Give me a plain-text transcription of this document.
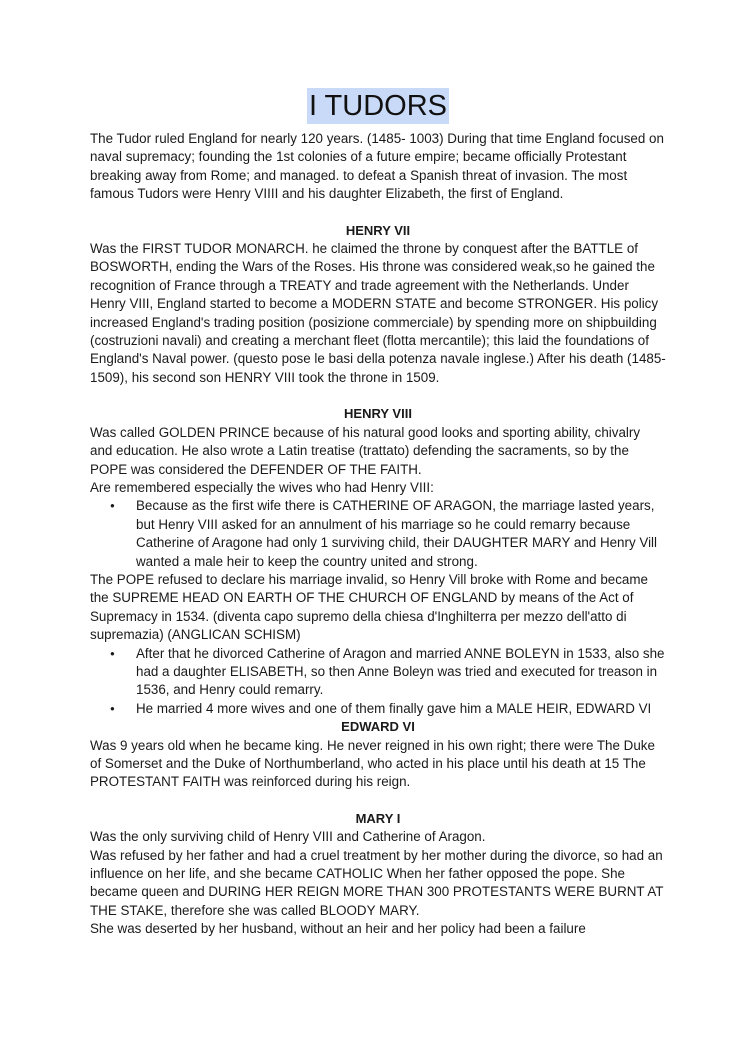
I TUDORS

The Tudor ruled England for nearly 120 years. (1485- 1003) During that time England focused on naval supremacy; founding the 1st colonies of a future empire; became officially Protestant breaking away from Rome; and managed. to defeat a Spanish threat of invasion. The most famous Tudors were Henry VIIII and his daughter Elizabeth, the first of England.

HENRY VII

Was the FIRST TUDOR MONARCH. he claimed the throne by conquest after the BATTLE of BOSWORTH, ending the Wars of the Roses. His throne was considered weak,so he gained the recognition of France through a TREATY and trade agreement with the Netherlands. Under Henry VIII, England started to become a MODERN STATE and become STRONGER. His policy increased England's trading position (posizione commerciale) by spending more on shipbuilding (costruzioni navali) and creating a merchant fleet (flotta mercantile); this laid the foundations of England's Naval power. (questo pose le basi della potenza navale inglese.) After his death (1485-1509), his second son HENRY VIII took the throne in 1509.

HENRY VIII

Was called GOLDEN PRINCE because of his natural good looks and sporting ability, chivalry and education. He also wrote a Latin treatise (trattato) defending the sacraments, so by the POPE was considered the DEFENDER OF THE FAITH.

Are remembered especially the wives who had Henry VIII:

● Because as the first wife there is CATHERINE OF ARAGON, the marriage lasted years, but Henry VIII asked for an annulment of his marriage so he could remarry because Catherine of Aragone had only 1 surviving child, their DAUGHTER MARY and Henry Vill wanted a male heir to keep the country united and strong.

The POPE refused to declare his marriage invalid, so Henry Vill broke with Rome and became the SUPREME HEAD ON EARTH OF THE CHURCH OF ENGLAND by means of the Act of Supremacy in 1534. (diventa capo supremo della chiesa d'Inghilterra per mezzo dell'atto di supremazia) (ANGLICAN SCHISM)

● After that he divorced Catherine of Aragon and married ANNE BOLEYN in 1533, also she had a daughter ELISABETH, so then Anne Boleyn was tried and executed for treason in 1536, and Henry could remarry.
● He married 4 more wives and one of them finally gave him a MALE HEIR, EDWARD VI

EDWARD VI

Was 9 years old when he became king. He never reigned in his own right; there were The Duke of Somerset and the Duke of Northumberland, who acted in his place until his death at 15 The PROTESTANT FAITH was reinforced during his reign.

MARY I

Was the only surviving child of Henry VIII and Catherine of Aragon.

Was refused by her father and had a cruel treatment by her mother during the divorce, so had an influence on her life, and she became CATHOLIC When her father opposed the pope. She became queen and DURING HER REIGN MORE THAN 300 PROTESTANTS WERE BURNT AT THE STAKE, therefore she was called BLOODY MARY.

She was deserted by her husband, without an heir and her policy had been a failure
